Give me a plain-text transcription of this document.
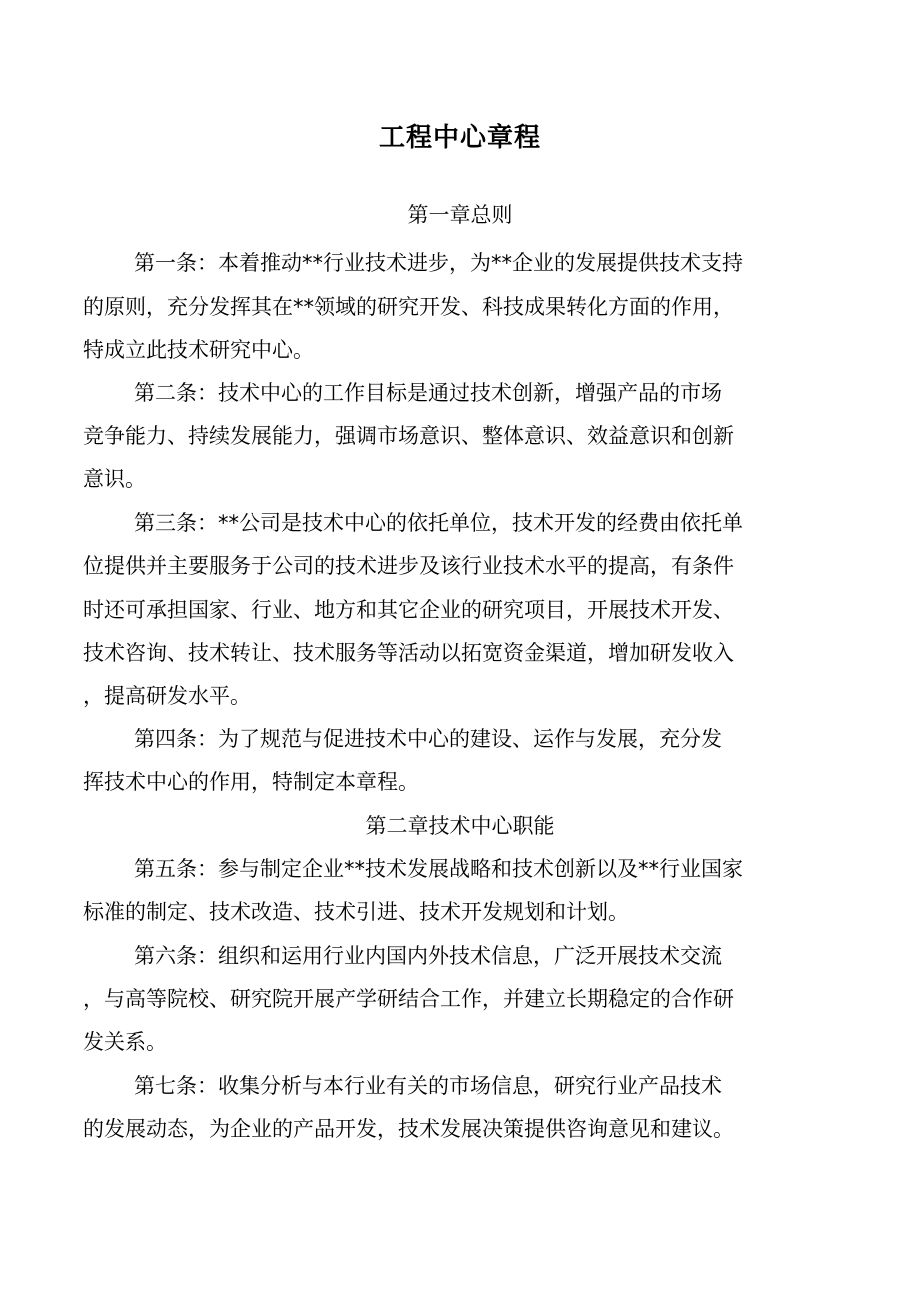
工程中心章程
第一章总则
第一条：本着推动**行业技术进步，为**企业的发展提供技术支持
的原则，充分发挥其在**领域的研究开发、科技成果转化方面的作用，
特成立此技术研究中心。
第二条：技术中心的工作目标是通过技术创新，增强产品的市场
竞争能力、持续发展能力，强调市场意识、整体意识、效益意识和创新
意识。
第三条：**公司是技术中心的依托单位，技术开发的经费由依托单
位提供并主要服务于公司的技术进步及该行业技术水平的提高，有条件
时还可承担国家、行业、地方和其它企业的研究项目，开展技术开发、
技术咨询、技术转让、技术服务等活动以拓宽资金渠道，增加研发收入
，提高研发水平。
第四条：为了规范与促进技术中心的建设、运作与发展，充分发
挥技术中心的作用，特制定本章程。
第二章技术中心职能
第五条：参与制定企业**技术发展战略和技术创新以及**行业国家
标准的制定、技术改造、技术引进、技术开发规划和计划。
第六条：组织和运用行业内国内外技术信息，广泛开展技术交流
，与高等院校、研究院开展产学研结合工作，并建立长期稳定的合作研
发关系。
第七条：收集分析与本行业有关的市场信息，研究行业产品技术
的发展动态，为企业的产品开发，技术发展决策提供咨询意见和建议。
